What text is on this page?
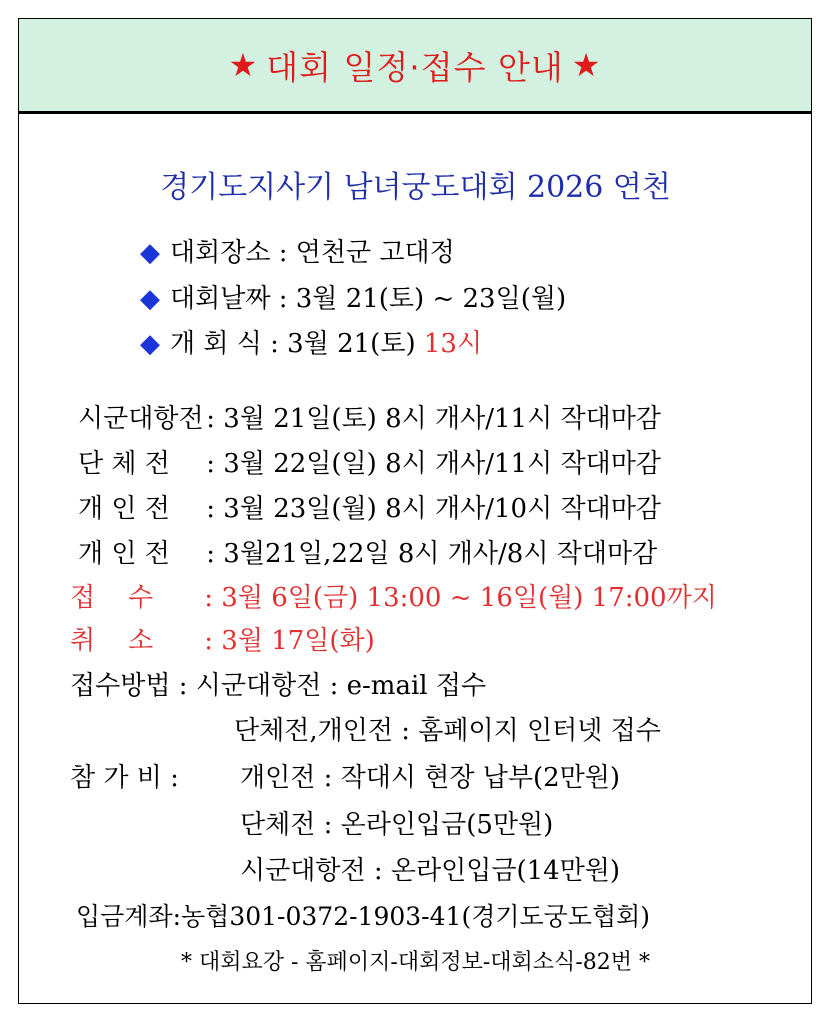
★ 대회 일정·접수 안내 ★
경기도지사기 남녀궁도대회 2026 연천
◆ 대회장소 : 연천군 고대정
◆ 대회날짜 : 3월 21(토) ~ 23일(월)
◆ 개 회 식 : 3월 21(토) 13시
시군대항전 : 3월 21일(토) 8시 개사/11시 작대마감
단 체 전 : 3월 22일(일) 8시 개사/11시 작대마감
개 인 전 : 3월 23일(월) 8시 개사/10시 작대마감
개 인 전 : 3월21일,22일 8시 개사/8시 작대마감
접    수 : 3월 6일(금) 13:00 ~ 16일(월) 17:00까지
취    소 : 3월 17일(화)
접수방법 : 시군대항전 : e-mail 접수
단체전,개인전 : 홈페이지 인터넷 접수
참 가 비 :개인전 : 작대시 현장 납부(2만원)
단체전 : 온라인입금(5만원)
시군대항전 : 온라인입금(14만원)
입금계좌:농협301-0372-1903-41(경기도궁도협회)
* 대회요강 - 홈페이지-대회정보-대회소식-82번 *
